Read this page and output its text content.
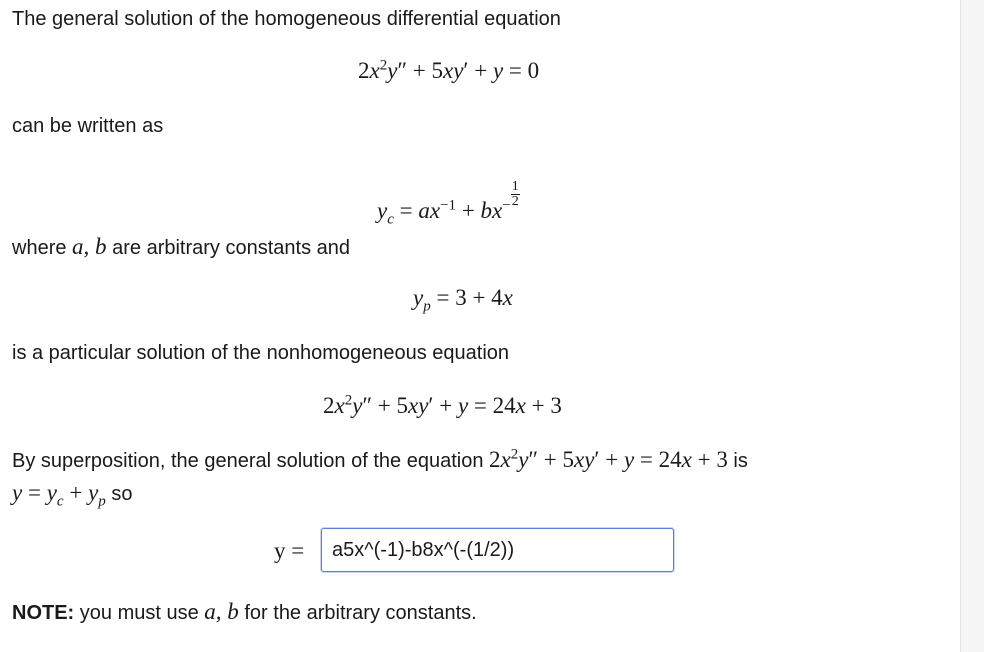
The general solution of the homogeneous differential equation
$2x^2y'' + 5xy' + y = 0$
can be written as
$y_c = ax^{-1} + bx^- \frac{1}{2}$
where a, b are arbitrary constants and
$y_p = 3 + 4x$
is a particular solution of the nonhomogeneous equation
$2x^2y'' + 5xy' + y = 24x + 3$
By superposition, the general solution of the equation $2x^2y'' + 5xy' + y = 24x + 3$ is
$y = y_c + y_p$ so
y =
a5x^(-1)-b8x^(-(1/2))
NOTE: you must use a, b for the arbitrary constants.
